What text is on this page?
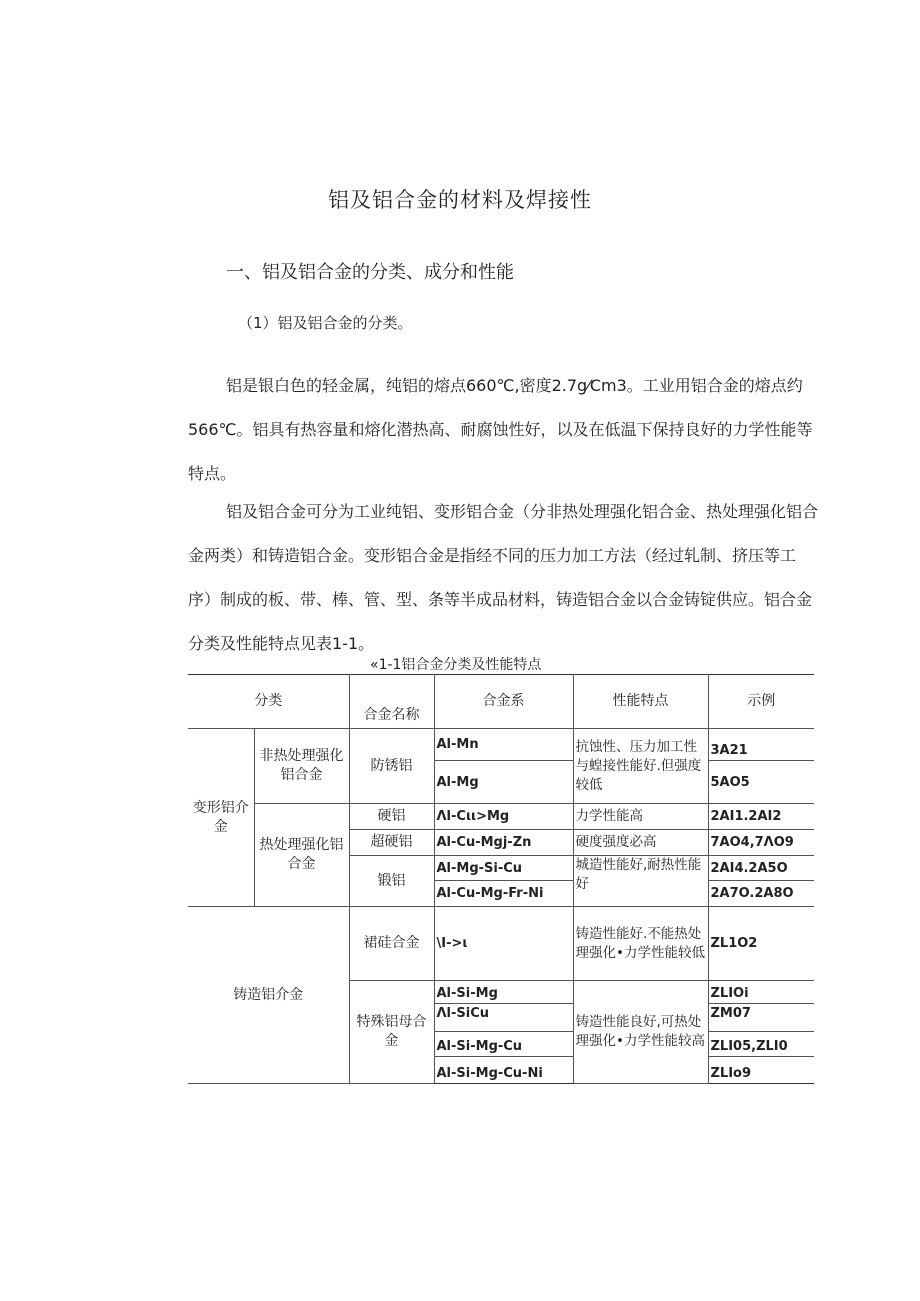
铝及铝合金的材料及焊接性
一、铝及铝合金的分类、成分和性能
（1）铝及铝合金的分类。

铝是银白色的轻金属，纯铝的熔点660℃,密度2.7g⁄Cm3。工业用铝合金的熔点约566℃。铝具有热容量和熔化潜热高、耐腐蚀性好，以及在低温下保持良好的力学性能等特点。

铝及铝合金可分为工业纯铝、变形铝合金（分非热处理强化铝合金、热处理强化铝合金两类）和铸造铝合金。变形铝合金是指经不同的压力加工方法（经过轧制、挤压等工序）制成的板、带、棒、管、型、条等半成品材料，铸造铝合金以合金铸锭供应。铝合金分类及性能特点见表1-1。

«1-1铝合金分类及性能特点
分类		合金名称	合金系	性能特点	示例
变形铝介金	非热处理强化铝合金	防锈铝	Al-Mn	抗蚀性、压力加工性与蝗接性能好.但强度较低	3A21
			Al-Mg		5AO5
	热处理强化铝合金	硬铝	Λl-Cιι>Mg	力学性能高	2AI1.2AI2
		超硬铝	Al-Cu-Mgj-Zn	硬度强度必高	7AO4,7ΛO9
		锻铝	Al-Mg-Si-Cu	城造性能好,耐热性能好	2AI4.2A5O
			Al-Cu-Mg-Fr-Ni		2A7O.2A8O
铸造铝介金		裙硅合金	\I->ι	铸造性能好.不能热处理强化•力学性能较低	ZL1O2
		特殊铝母合金	Al-Si-Mg	铸造性能良好,可热处理强化•力学性能较高	ZLIOi
			Λl-SiCu		ZM07
			Al-Si-Mg-Cu		ZLI05,ZLI0
			Al-Si-Mg-Cu-Ni		ZLIo9
